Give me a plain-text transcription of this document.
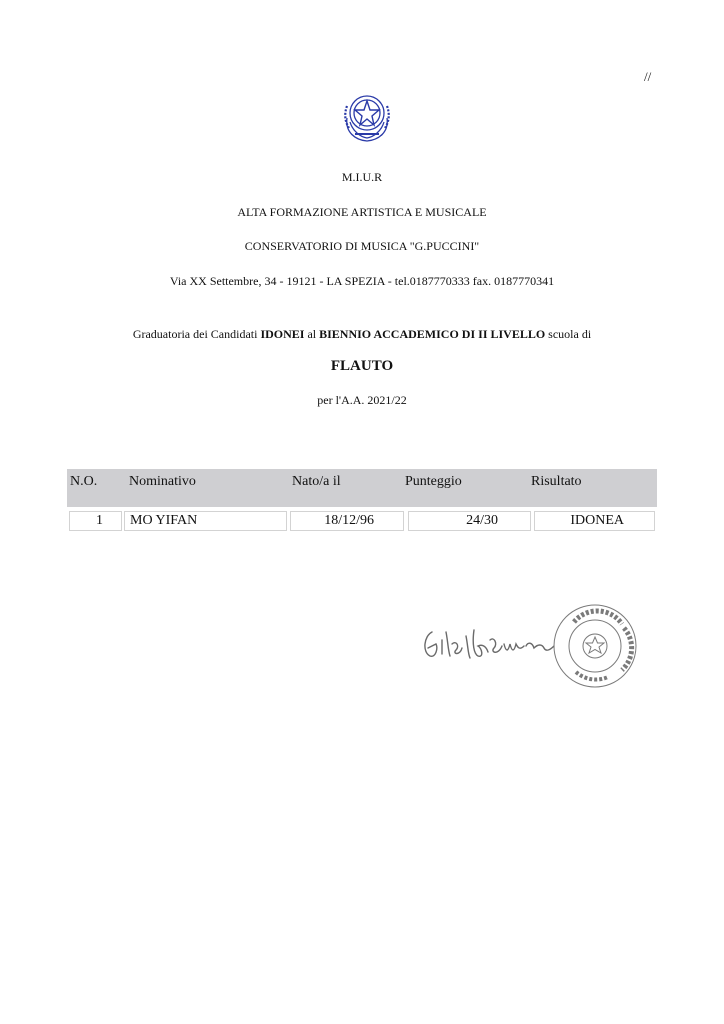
//
M.I.U.R
ALTA FORMAZIONE ARTISTICA E MUSICALE
CONSERVATORIO DI MUSICA "G.PUCCINI"
Via XX Settembre, 34 - 19121 - LA SPEZIA - tel.0187770333 fax. 0187770341
Graduatoria dei Candidati IDONEI al BIENNIO ACCADEMICO DI II LIVELLO scuola di
FLAUTO
per l'A.A. 2021/22
N.O. Nominativo	Nato/a il	Punteggio	Risultato
1	MO YIFAN	18/12/96	24/30	IDONEA
